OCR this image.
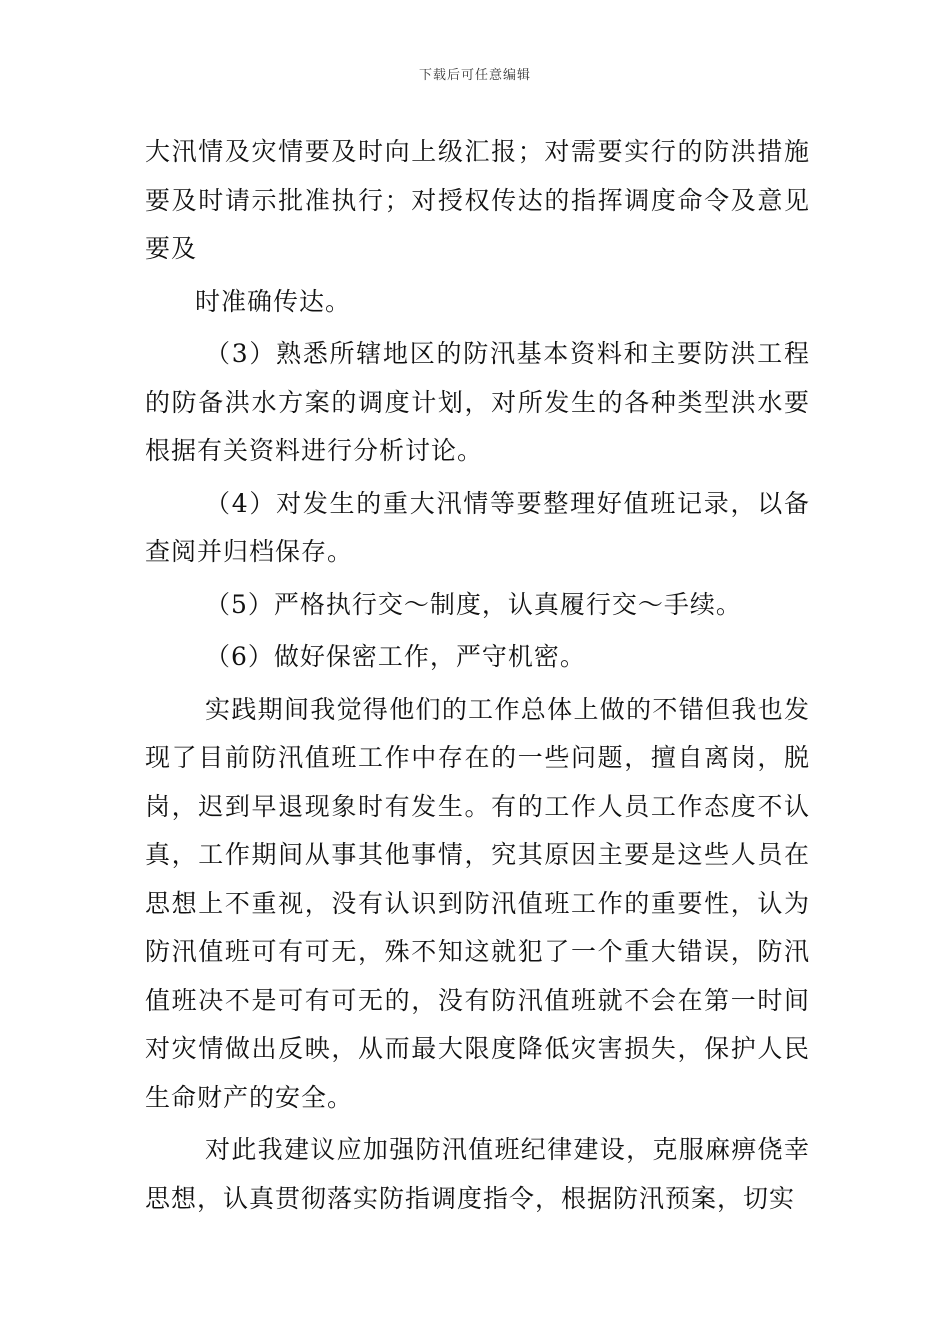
下载后可任意编辑

大汛情及灾情要及时向上级汇报；对需要实行的防洪措施要及时请示批准执行；对授权传达的指挥调度命令及意见要及

时准确传达。

（3）熟悉所辖地区的防汛基本资料和主要防洪工程的防备洪水方案的调度计划，对所发生的各种类型洪水要根据有关资料进行分析讨论。

（4）对发生的重大汛情等要整理好值班记录，以备查阅并归档保存。

（5）严格执行交～制度，认真履行交～手续。

（6）做好保密工作，严守机密。

实践期间我觉得他们的工作总体上做的不错但我也发现了目前防汛值班工作中存在的一些问题，擅自离岗，脱岗，迟到早退现象时有发生。有的工作人员工作态度不认真，工作期间从事其他事情，究其原因主要是这些人员在思想上不重视，没有认识到防汛值班工作的重要性，认为防汛值班可有可无，殊不知这就犯了一个重大错误，防汛值班决不是可有可无的，没有防汛值班就不会在第一时间对灾情做出反映，从而最大限度降低灾害损失，保护人民生命财产的安全。

对此我建议应加强防汛值班纪律建设，克服麻痹侥幸思想，认真贯彻落实防指调度指令，根据防汛预案，切实
